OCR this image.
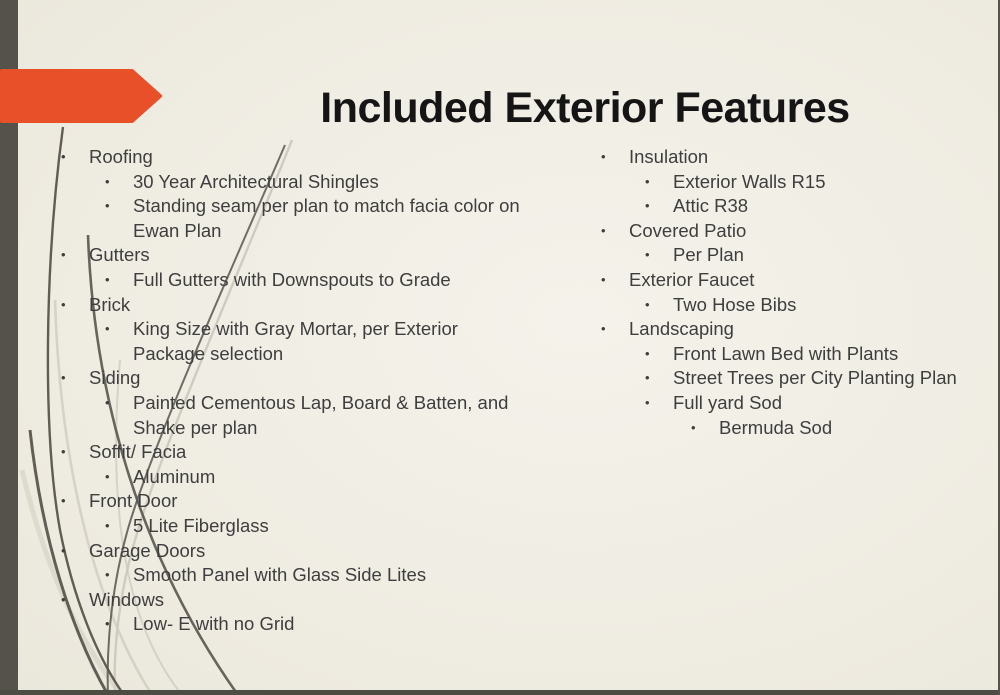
Included Exterior Features
•	Roofing
•	30 Year Architectural Shingles
•	Standing seam per plan to match facia color on Ewan Plan
•	Gutters
•	Full Gutters with Downspouts to Grade
•	Brick
•	King Size with Gray Mortar, per Exterior Package selection
•	Siding
•	Painted Cementous Lap, Board & Batten, and Shake per plan
•	Soffit/ Facia
•	Aluminum
•	Front Door
•	5 Lite Fiberglass
•	Garage Doors
•	Smooth Panel with Glass Side Lites
•	Windows
•	Low- E with no Grid
•	Insulation
•	Exterior Walls R15
•	Attic R38
•	Covered Patio
•	Per Plan
•	Exterior Faucet
•	Two Hose Bibs
•	Landscaping
•	Front Lawn Bed with Plants
•	Street Trees per City Planting Plan
•	Full yard Sod
•	Bermuda Sod
